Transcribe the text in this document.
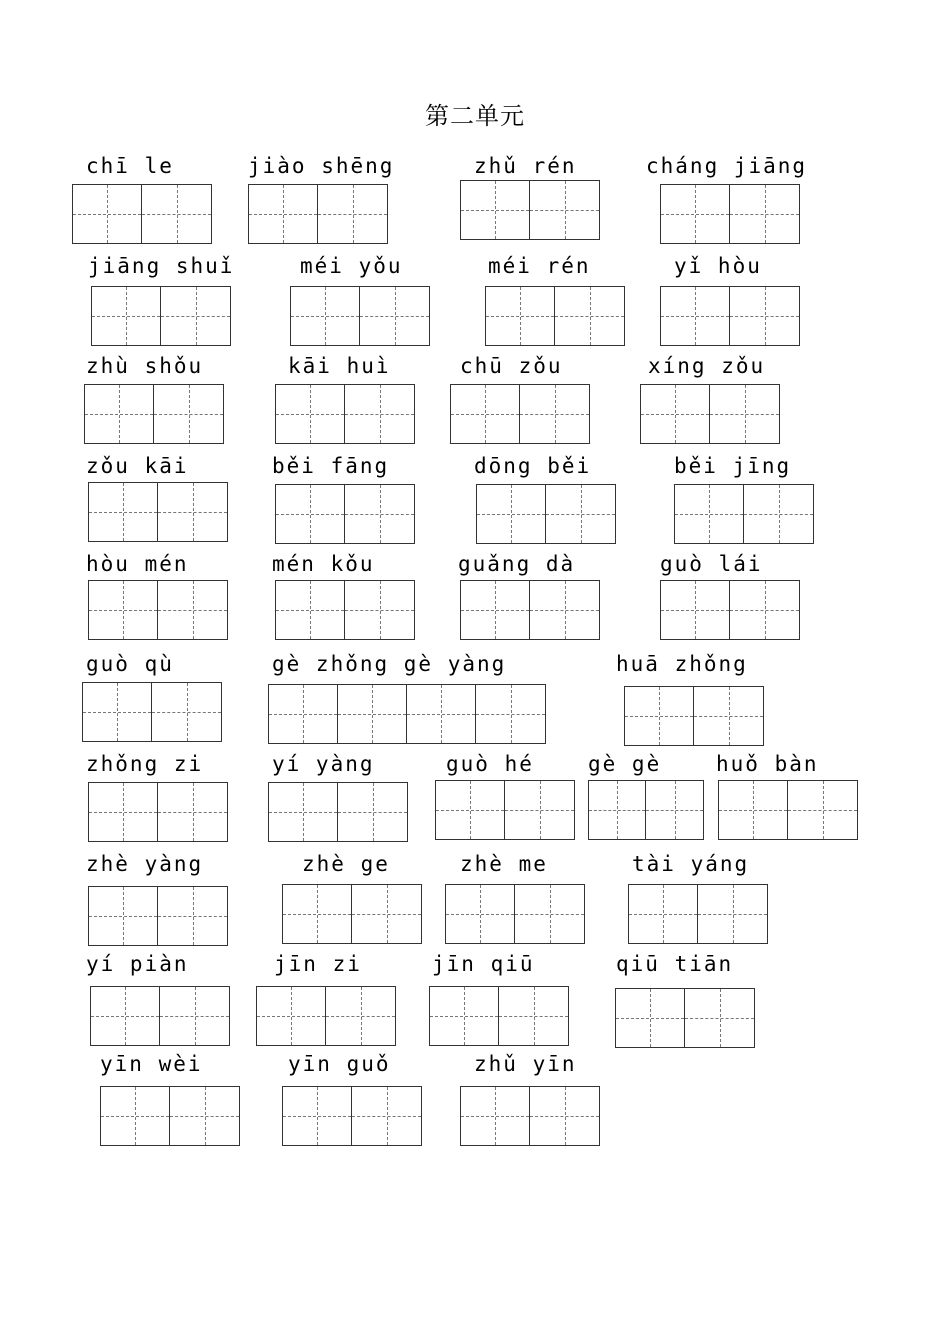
第二单元
chī le	jiào shēng	zhǔ rén	cháng jiāng
jiāng shuǐ	méi yǒu	méi rén	yǐ hòu
zhù shǒu	kāi huì	chū zǒu	xíng zǒu
zǒu kāi	běi fāng	dōng běi	běi jīng
hòu mén	mén kǒu	guǎng dà	guò lái
guò qù	gè zhǒng gè yàng	huā zhǒng
zhǒng zi	yí yàng	guò hé	gè gè	huǒ bàn
zhè yàng	zhè ge	zhè me	tài yáng
yí piàn	jīn zi	jīn qiū	qiū tiān
yīn wèi	yīn guǒ	zhǔ yīn
